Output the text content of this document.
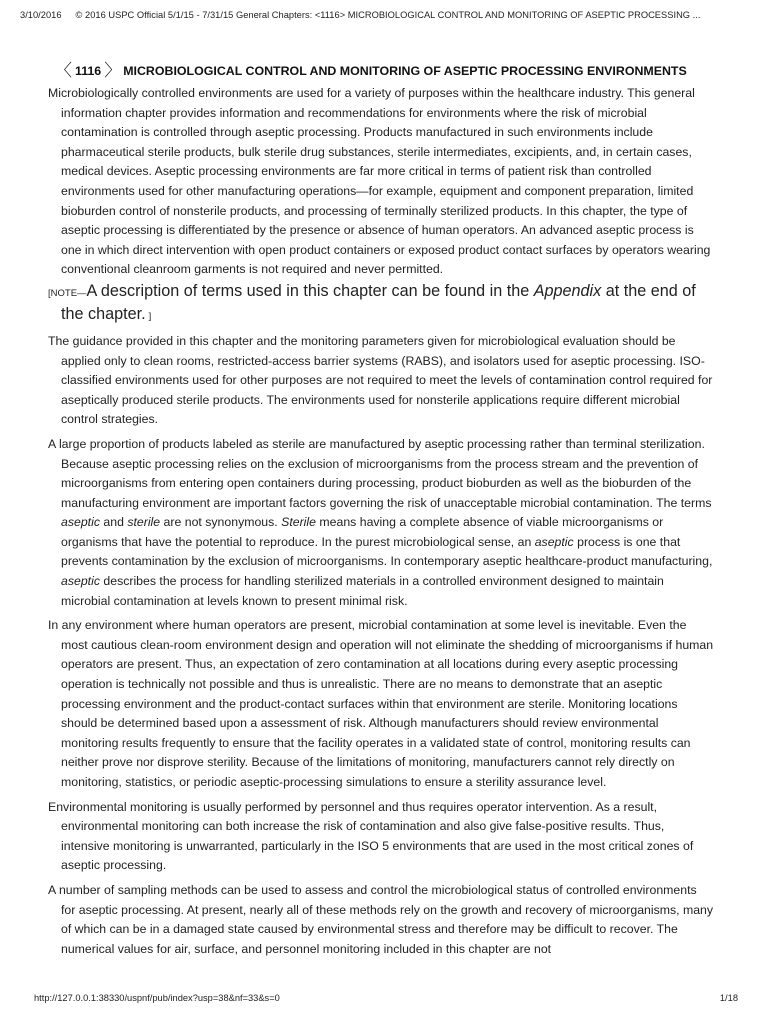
3/10/2016 © 2016 USPC Official 5/1/15 - 7/31/15 General Chapters: <1116> MICROBIOLOGICAL CONTROL AND MONITORING OF ASEPTIC PROCESSING ...
〈 1116 〉 MICROBIOLOGICAL CONTROL AND MONITORING OF ASEPTIC PROCESSING ENVIRONMENTS

Microbiologically controlled environments are used for a variety of purposes within the healthcare industry. This general information chapter provides information and recommendations for environments where the risk of microbial contamination is controlled through aseptic processing. Products manufactured in such environments include pharmaceutical sterile products, bulk sterile drug substances, sterile intermediates, excipients, and, in certain cases, medical devices. Aseptic processing environments are far more critical in terms of patient risk than controlled environments used for other manufacturing operations—for example, equipment and component preparation, limited bioburden control of nonsterile products, and processing of terminally sterilized products. In this chapter, the type of aseptic processing is differentiated by the presence or absence of human operators. An advanced aseptic process is one in which direct intervention with open product containers or exposed product contact surfaces by operators wearing conventional cleanroom garments is not required and never permitted.
[NOTE—A description of terms used in this chapter can be found in the Appendix at the end of the chapter. ]

The guidance provided in this chapter and the monitoring parameters given for microbiological evaluation should be applied only to clean rooms, restricted-access barrier systems (RABS), and isolators used for aseptic processing. ISO-classified environments used for other purposes are not required to meet the levels of contamination control required for aseptically produced sterile products. The environments used for nonsterile applications require different microbial control strategies.

A large proportion of products labeled as sterile are manufactured by aseptic processing rather than terminal sterilization. Because aseptic processing relies on the exclusion of microorganisms from the process stream and the prevention of microorganisms from entering open containers during processing, product bioburden as well as the bioburden of the manufacturing environment are important factors governing the risk of unacceptable microbial contamination. The terms aseptic and sterile are not synonymous. Sterile means having a complete absence of viable microorganisms or organisms that have the potential to reproduce. In the purest microbiological sense, an aseptic process is one that prevents contamination by the exclusion of microorganisms. In contemporary aseptic healthcare-product manufacturing, aseptic describes the process for handling sterilized materials in a controlled environment designed to maintain microbial contamination at levels known to present minimal risk.

In any environment where human operators are present, microbial contamination at some level is inevitable. Even the most cautious clean-room environment design and operation will not eliminate the shedding of microorganisms if human operators are present. Thus, an expectation of zero contamination at all locations during every aseptic processing operation is technically not possible and thus is unrealistic. There are no means to demonstrate that an aseptic processing environment and the product-contact surfaces within that environment are sterile. Monitoring locations should be determined based upon a assessment of risk. Although manufacturers should review environmental monitoring results frequently to ensure that the facility operates in a validated state of control, monitoring results can neither prove nor disprove sterility. Because of the limitations of monitoring, manufacturers cannot rely directly on monitoring, statistics, or periodic aseptic-processing simulations to ensure a sterility assurance level.

Environmental monitoring is usually performed by personnel and thus requires operator intervention. As a result, environmental monitoring can both increase the risk of contamination and also give false-positive results. Thus, intensive monitoring is unwarranted, particularly in the ISO 5 environments that are used in the most critical zones of aseptic processing.

A number of sampling methods can be used to assess and control the microbiological status of controlled environments for aseptic processing. At present, nearly all of these methods rely on the growth and recovery of microorganisms, many of which can be in a damaged state caused by environmental stress and therefore may be difficult to recover. The numerical values for air, surface, and personnel monitoring included in this chapter are not

http://127.0.0.1:38330/uspnf/pub/index?usp=38&nf=33&s=0	1/18
